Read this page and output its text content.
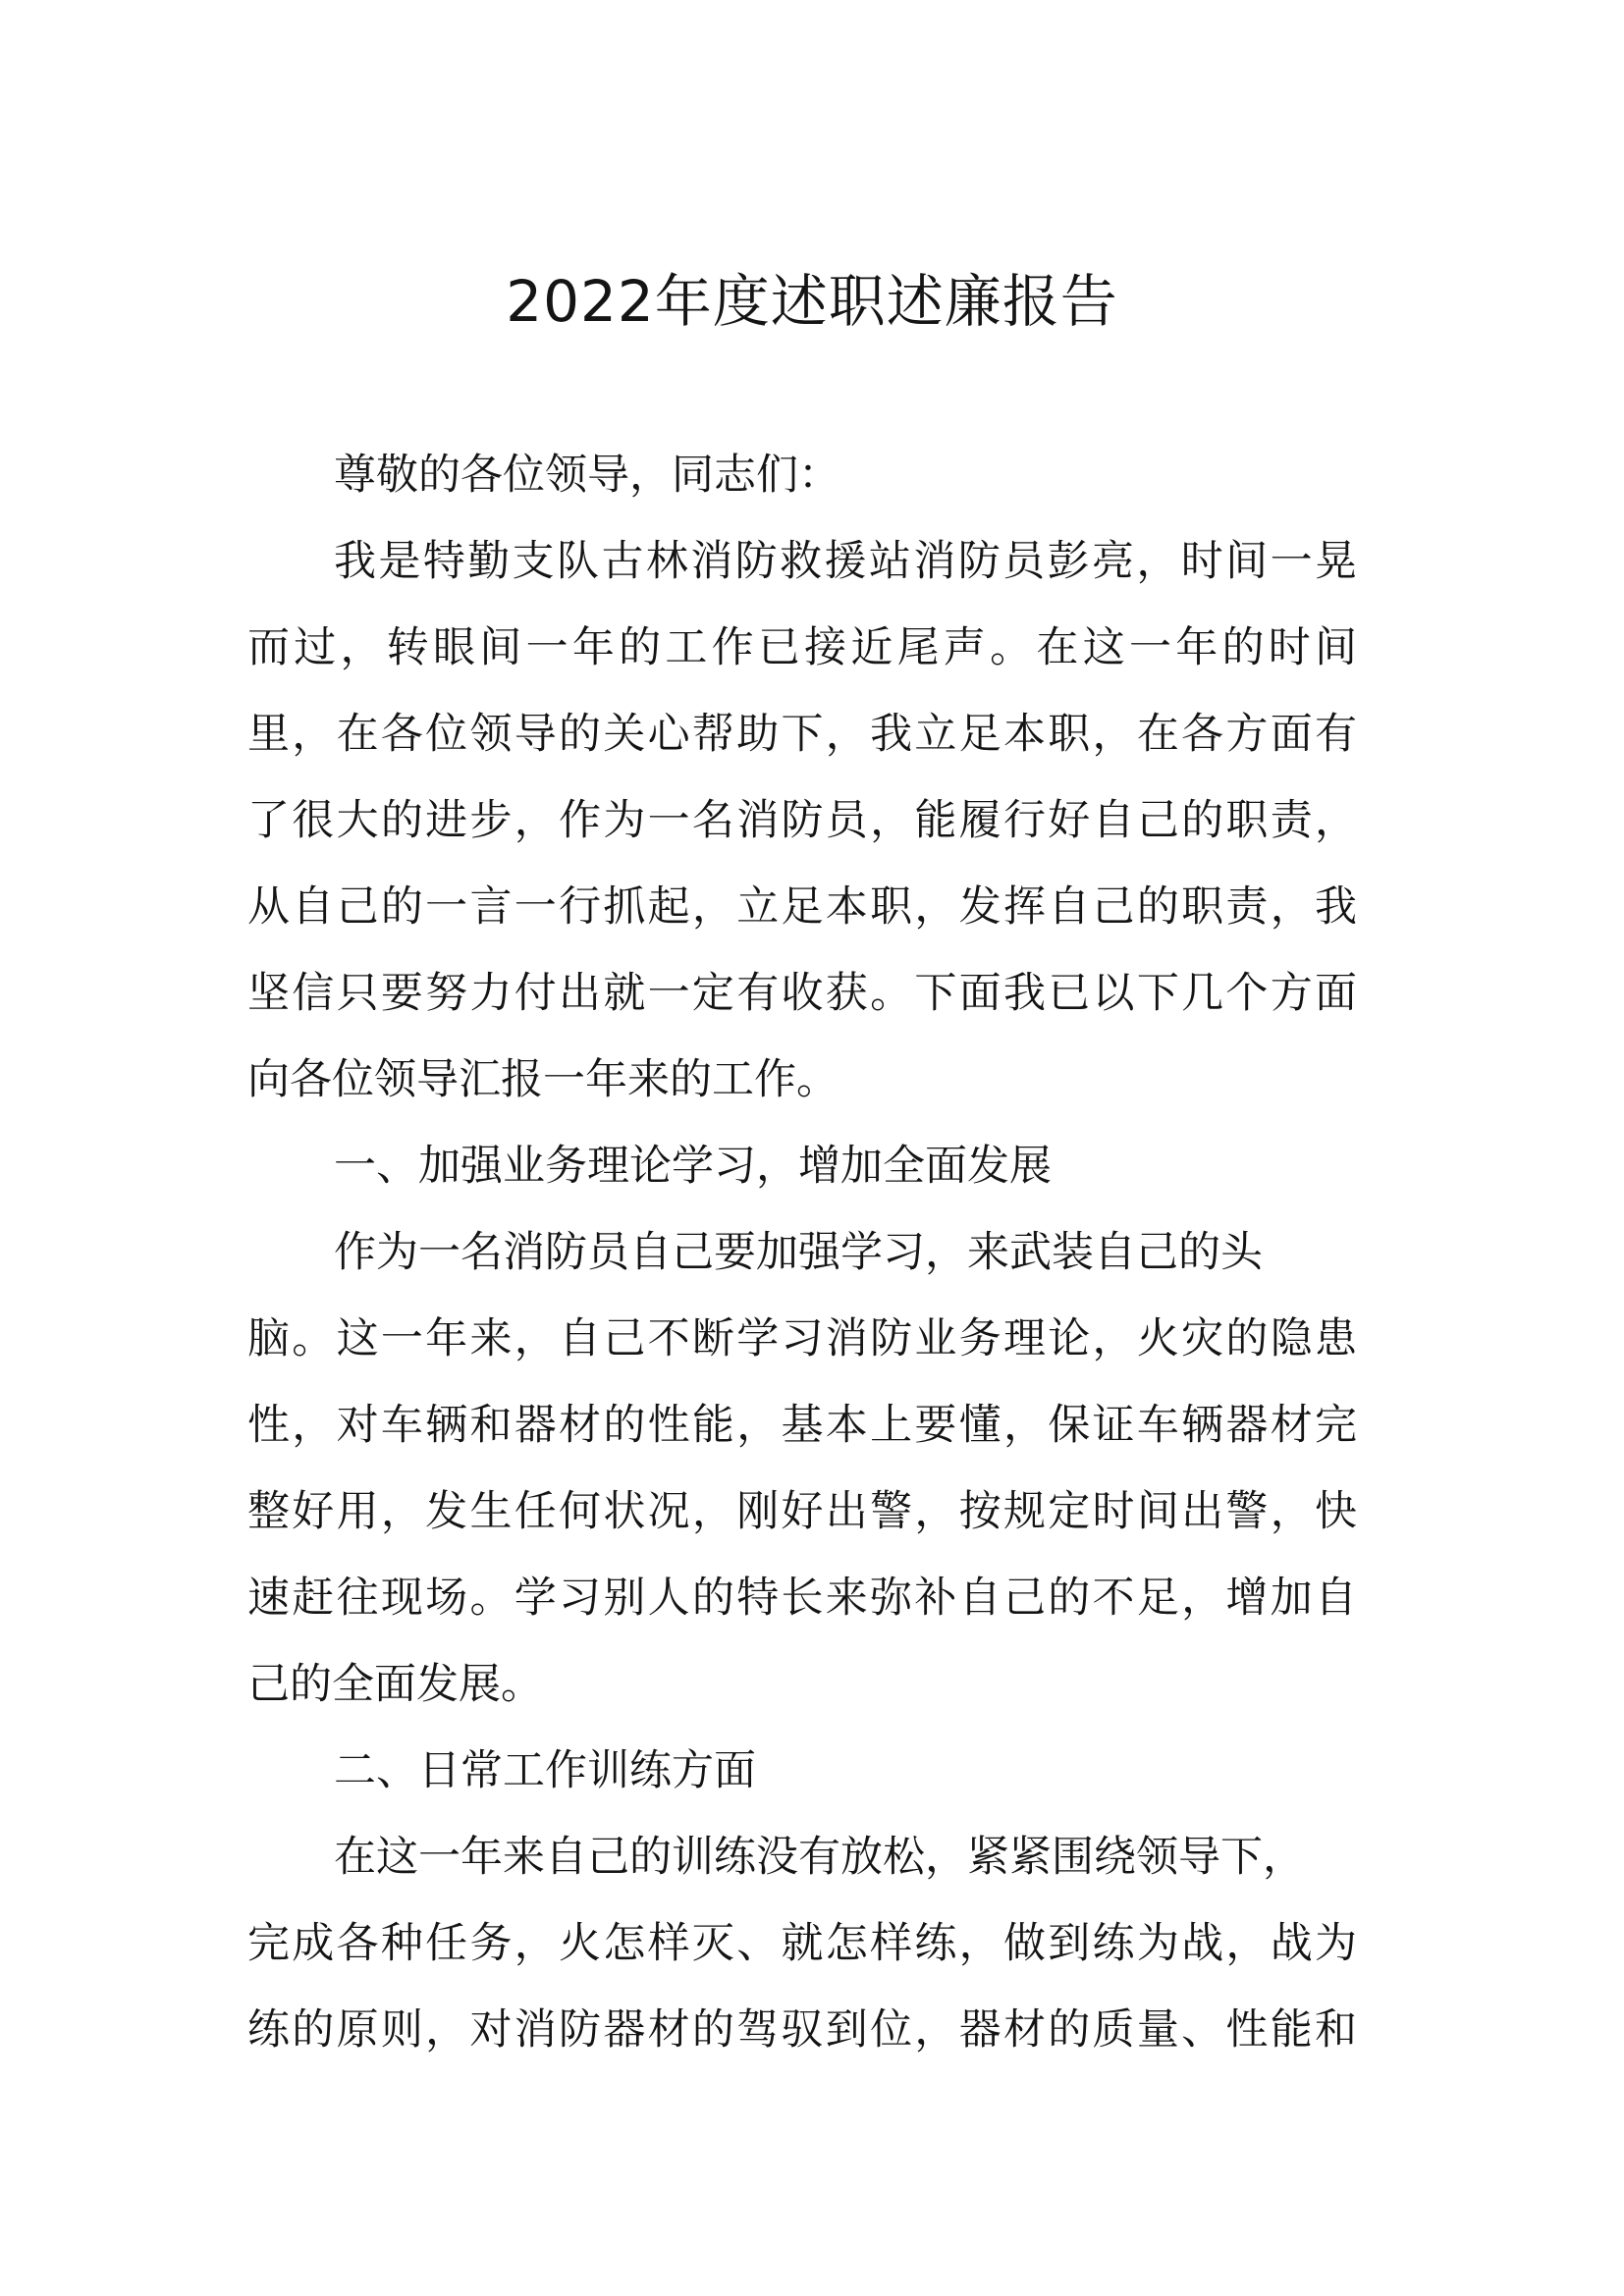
2022年度述职述廉报告

尊敬的各位领导，同志们：

我是特勤支队古林消防救援站消防员彭亮，时间一晃

而过，转眼间一年的工作已接近尾声。在这一年的时间

里，在各位领导的关心帮助下，我立足本职，在各方面有

了很大的进步，作为一名消防员，能履行好自己的职责，

从自己的一言一行抓起，立足本职，发挥自己的职责，我

坚信只要努力付出就一定有收获。下面我已以下几个方面

向各位领导汇报一年来的工作。

一、加强业务理论学习，增加全面发展

作为一名消防员自己要加强学习，来武装自己的头

脑。这一年来，自己不断学习消防业务理论，火灾的隐患

性，对车辆和器材的性能，基本上要懂，保证车辆器材完

整好用，发生任何状况，刚好出警，按规定时间出警，快

速赶往现场。学习别人的特长来弥补自己的不足，增加自

己的全面发展。

二、日常工作训练方面

在这一年来自己的训练没有放松，紧紧围绕领导下，

完成各种任务，火怎样灭、就怎样练，做到练为战，战为

练的原则，对消防器材的驾驭到位，器材的质量、性能和
